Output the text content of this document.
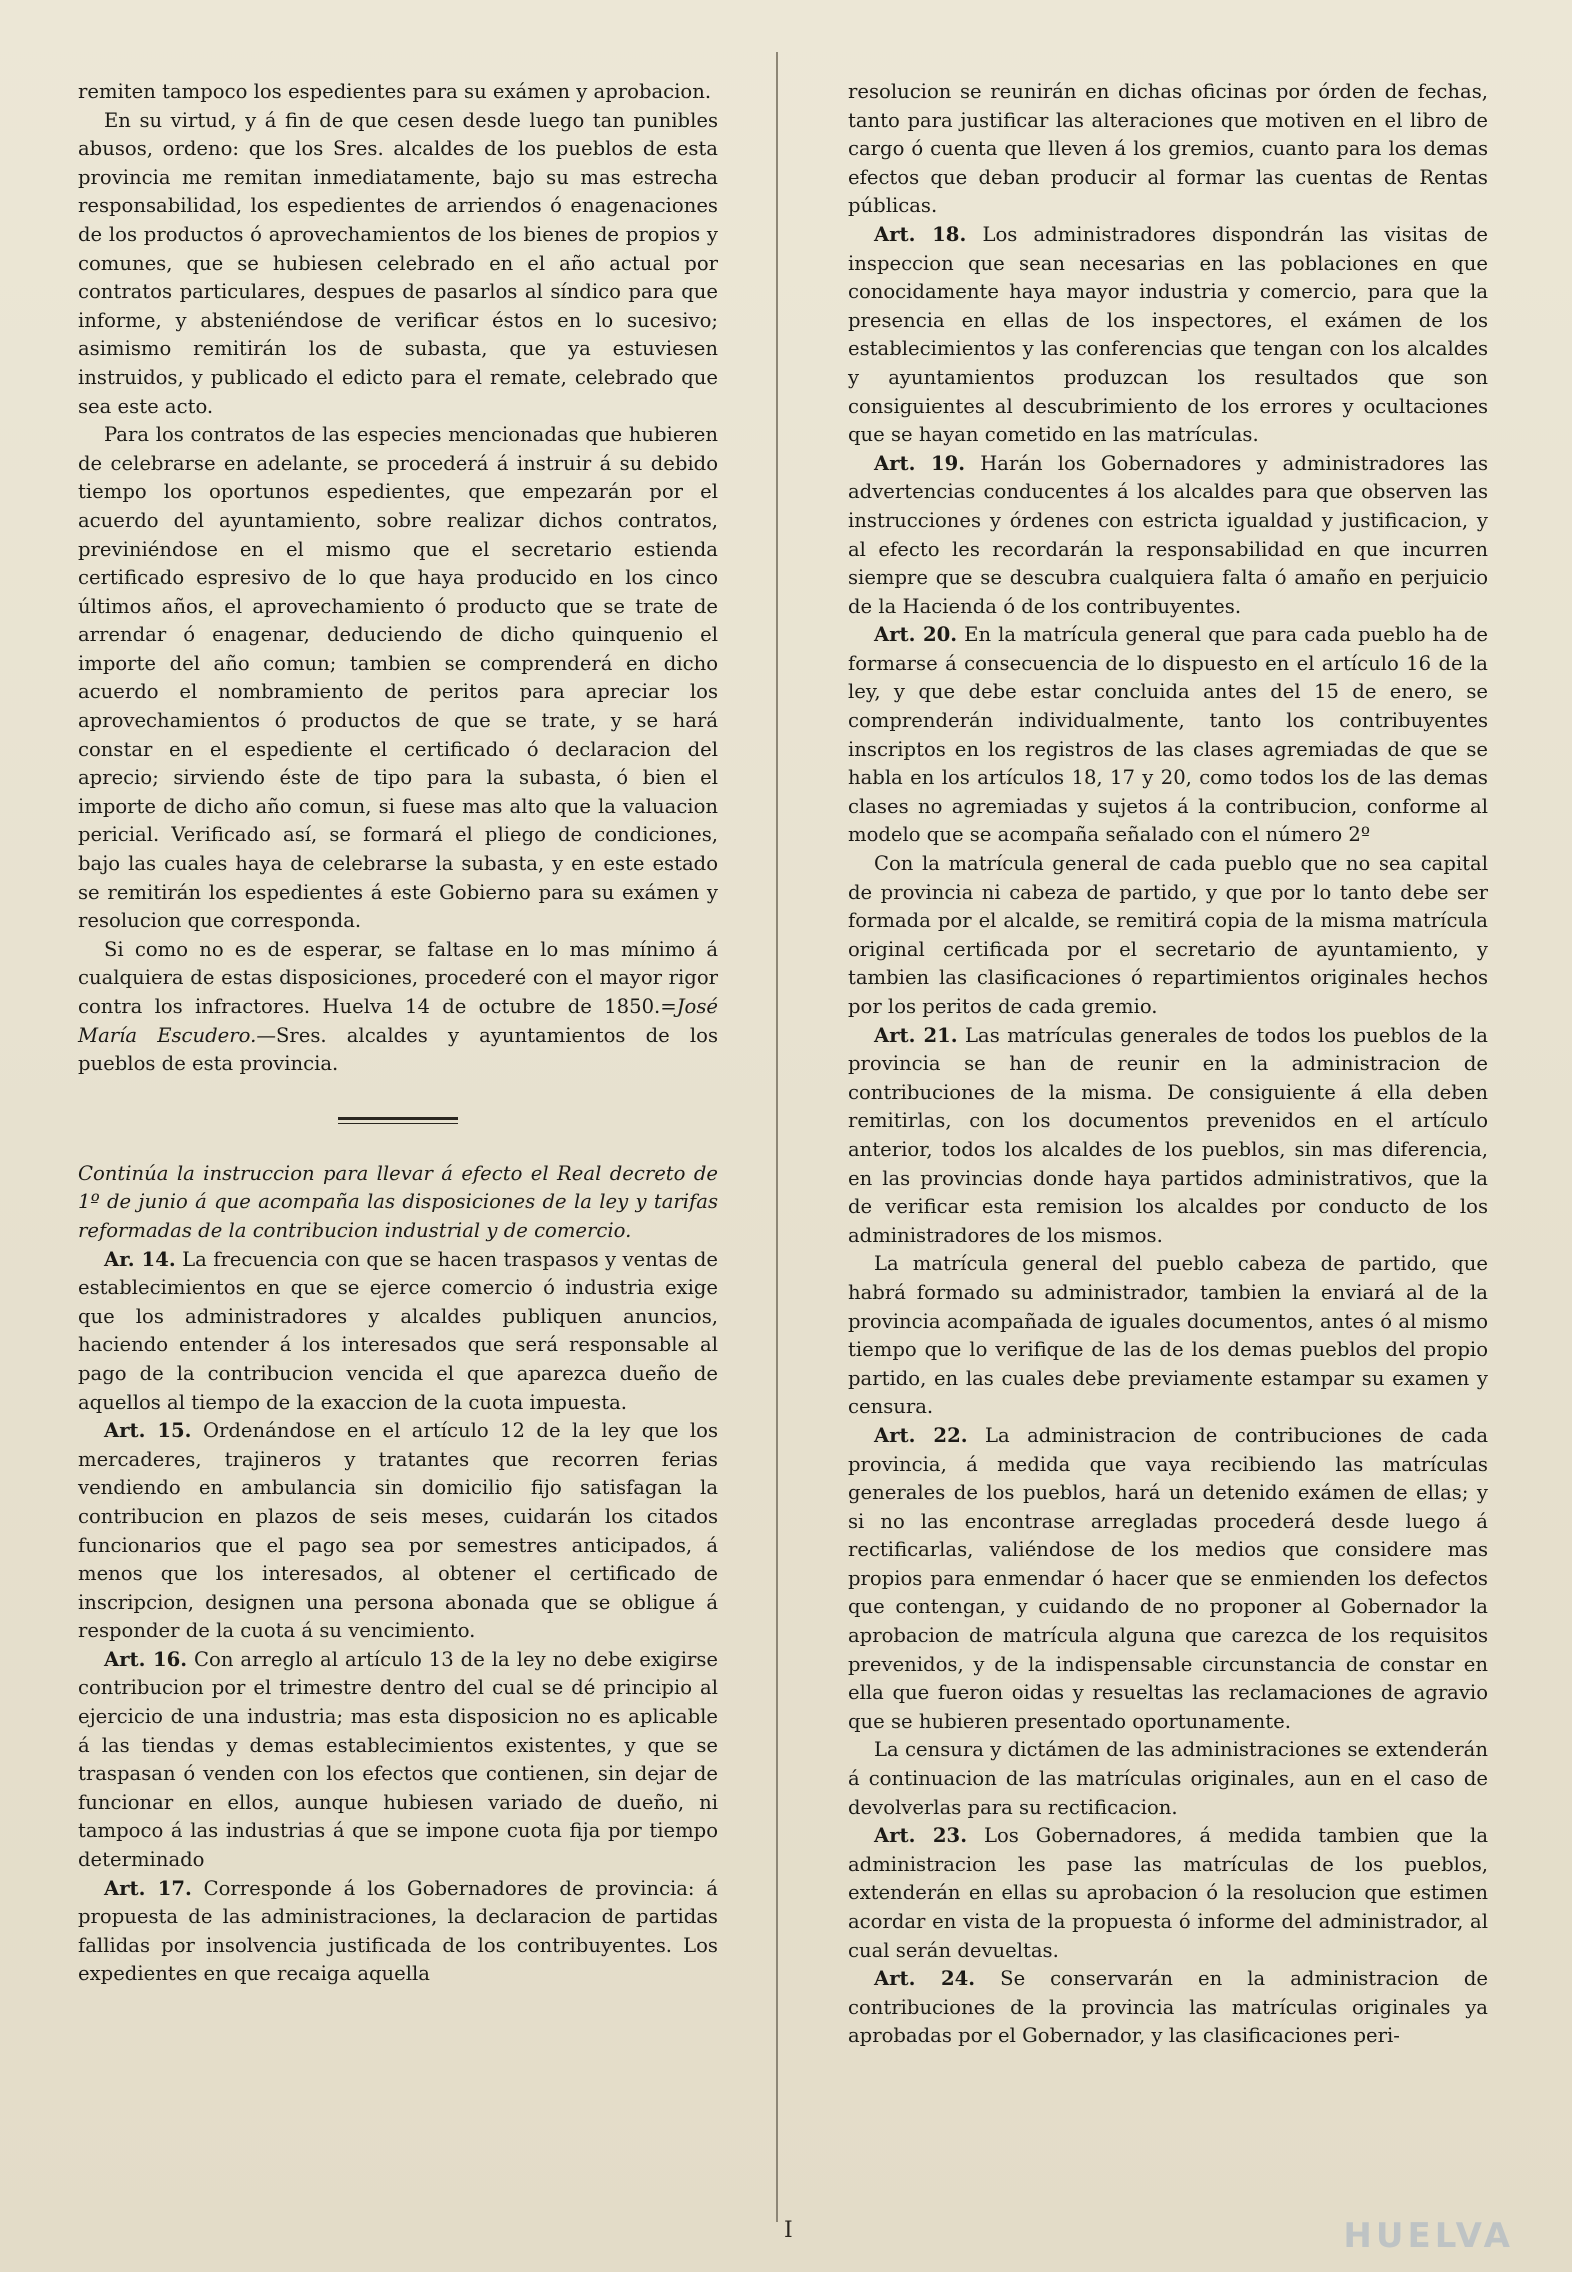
remiten tampoco los espedientes para su exámen y aprobacion.

En su virtud, y á fin de que cesen desde luego tan punibles abusos, ordeno: que los Sres. alcaldes de los pueblos de esta provincia me remitan inmediatamente, bajo su mas estrecha responsabilidad, los espedientes de arriendos ó enagenaciones de los productos ó aprovechamientos de los bienes de propios y comunes, que se hubiesen celebrado en el año actual por contratos particulares, despues de pasarlos al síndico para que informe, y absteniéndose de verificar éstos en lo sucesivo; asimismo remitirán los de subasta, que ya estuviesen instruidos, y publicado el edicto para el remate, celebrado que sea este acto.

Para los contratos de las especies mencionadas que hubieren de celebrarse en adelante, se procederá á instruir á su debido tiempo los oportunos espedientes, que empezarán por el acuerdo del ayuntamiento, sobre realizar dichos contratos, previniéndose en el mismo que el secretario estienda certificado espresivo de lo que haya producido en los cinco últimos años, el aprovechamiento ó producto que se trate de arrendar ó enagenar, deduciendo de dicho quinquenio el importe del año comun; tambien se comprenderá en dicho acuerdo el nombramiento de peritos para apreciar los aprovechamientos ó productos de que se trate, y se hará constar en el espediente el certificado ó declaracion del aprecio; sirviendo éste de tipo para la subasta, ó bien el importe de dicho año comun, si fuese mas alto que la valuacion pericial. Verificado así, se formará el pliego de condiciones, bajo las cuales haya de celebrarse la subasta, y en este estado se remitirán los espedientes á este Gobierno para su exámen y resolucion que corresponda.

Si como no es de esperar, se faltase en lo mas mínimo á cualquiera de estas disposiciones, procederé con el mayor rigor contra los infractores. Huelva 14 de octubre de 1850.=José María Escudero.—Sres. alcaldes y ayuntamientos de los pueblos de esta provincia.

Continúa la instruccion para llevar á efecto el Real decreto de 1º de junio á que acompaña las disposiciones de la ley y tarifas reformadas de la contribucion industrial y de comercio.

Ar. 14. La frecuencia con que se hacen traspasos y ventas de establecimientos en que se ejerce comercio ó industria exige que los administradores y alcaldes publiquen anuncios, haciendo entender á los interesados que será responsable al pago de la contribucion vencida el que aparezca dueño de aquellos al tiempo de la exaccion de la cuota impuesta.

Art. 15. Ordenándose en el artículo 12 de la ley que los mercaderes, trajineros y tratantes que recorren ferias vendiendo en ambulancia sin domicilio fijo satisfagan la contribucion en plazos de seis meses, cuidarán los citados funcionarios que el pago sea por semestres anticipados, á menos que los interesados, al obtener el certificado de inscripcion, designen una persona abonada que se obligue á responder de la cuota á su vencimiento.

Art. 16. Con arreglo al artículo 13 de la ley no debe exigirse contribucion por el trimestre dentro del cual se dé principio al ejercicio de una industria; mas esta disposicion no es aplicable á las tiendas y demas establecimientos existentes, y que se traspasan ó venden con los efectos que contienen, sin dejar de funcionar en ellos, aunque hubiesen variado de dueño, ni tampoco á las industrias á que se impone cuota fija por tiempo determinado

Art. 17. Corresponde á los Gobernadores de provincia: á propuesta de las administraciones, la declaracion de partidas fallidas por insolvencia justificada de los contribuyentes. Los expedientes en que recaiga aquella

resolucion se reunirán en dichas oficinas por órden de fechas, tanto para justificar las alteraciones que motiven en el libro de cargo ó cuenta que lleven á los gremios, cuanto para los demas efectos que deban producir al formar las cuentas de Rentas públicas.

Art. 18. Los administradores dispondrán las visitas de inspeccion que sean necesarias en las poblaciones en que conocidamente haya mayor industria y comercio, para que la presencia en ellas de los inspectores, el exámen de los establecimientos y las conferencias que tengan con los alcaldes y ayuntamientos produzcan los resultados que son consiguientes al descubrimiento de los errores y ocultaciones que se hayan cometido en las matrículas.

Art. 19. Harán los Gobernadores y administradores las advertencias conducentes á los alcaldes para que observen las instrucciones y órdenes con estricta igualdad y justificacion, y al efecto les recordarán la responsabilidad en que incurren siempre que se descubra cualquiera falta ó amaño en perjuicio de la Hacienda ó de los contribuyentes.

Art. 20. En la matrícula general que para cada pueblo ha de formarse á consecuencia de lo dispuesto en el artículo 16 de la ley, y que debe estar concluida antes del 15 de enero, se comprenderán individualmente, tanto los contribuyentes inscriptos en los registros de las clases agremiadas de que se habla en los artículos 18, 17 y 20, como todos los de las demas clases no agremiadas y sujetos á la contribucion, conforme al modelo que se acompaña señalado con el número 2º

Con la matrícula general de cada pueblo que no sea capital de provincia ni cabeza de partido, y que por lo tanto debe ser formada por el alcalde, se remitirá copia de la misma matrícula original certificada por el secretario de ayuntamiento, y tambien las clasificaciones ó repartimientos originales hechos por los peritos de cada gremio.

Art. 21. Las matrículas generales de todos los pueblos de la provincia se han de reunir en la administracion de contribuciones de la misma. De consiguiente á ella deben remitirlas, con los documentos prevenidos en el artículo anterior, todos los alcaldes de los pueblos, sin mas diferencia, en las provincias donde haya partidos administrativos, que la de verificar esta remision los alcaldes por conducto de los administradores de los mismos.

La matrícula general del pueblo cabeza de partido, que habrá formado su administrador, tambien la enviará al de la provincia acompañada de iguales documentos, antes ó al mismo tiempo que lo verifique de las de los demas pueblos del propio partido, en las cuales debe previamente estampar su examen y censura.

Art. 22. La administracion de contribuciones de cada provincia, á medida que vaya recibiendo las matrículas generales de los pueblos, hará un detenido exámen de ellas; y si no las encontrase arregladas procederá desde luego á rectificarlas, valiéndose de los medios que considere mas propios para enmendar ó hacer que se enmienden los defectos que contengan, y cuidando de no proponer al Gobernador la aprobacion de matrícula alguna que carezca de los requisitos prevenidos, y de la indispensable circunstancia de constar en ella que fueron oidas y resueltas las reclamaciones de agravio que se hubieren presentado oportunamente.

La censura y dictámen de las administraciones se extenderán á continuacion de las matrículas originales, aun en el caso de devolverlas para su rectificacion.

Art. 23. Los Gobernadores, á medida tambien que la administracion les pase las matrículas de los pueblos, extenderán en ellas su aprobacion ó la resolucion que estimen acordar en vista de la propuesta ó informe del administrador, al cual serán devueltas.

Art. 24. Se conservarán en la administracion de contribuciones de la provincia las matrículas originales ya aprobadas por el Gobernador, y las clasificaciones peri-

I	HUELVA
